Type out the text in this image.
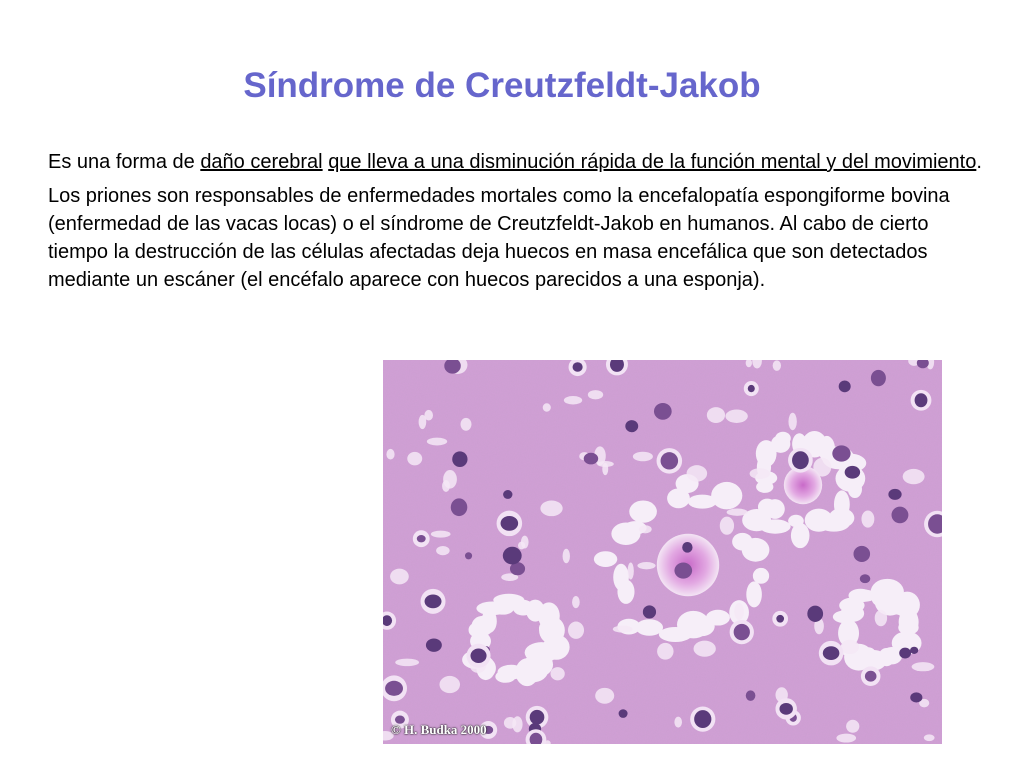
Síndrome de Creutzfeldt-Jakob

Es una forma de daño cerebral que lleva a una disminución rápida de la función mental y del movimiento.

Los priones son responsables de enfermedades mortales como la encefalopatía espongiforme bovina (enfermedad de las vacas locas) o el síndrome de Creutzfeldt-Jakob en humanos. Al cabo de cierto tiempo la destrucción de las células afectadas deja huecos en masa encefálica que son detectados mediante un escáner (el encéfalo aparece con huecos parecidos a una esponja).

© H. Budka 2000
